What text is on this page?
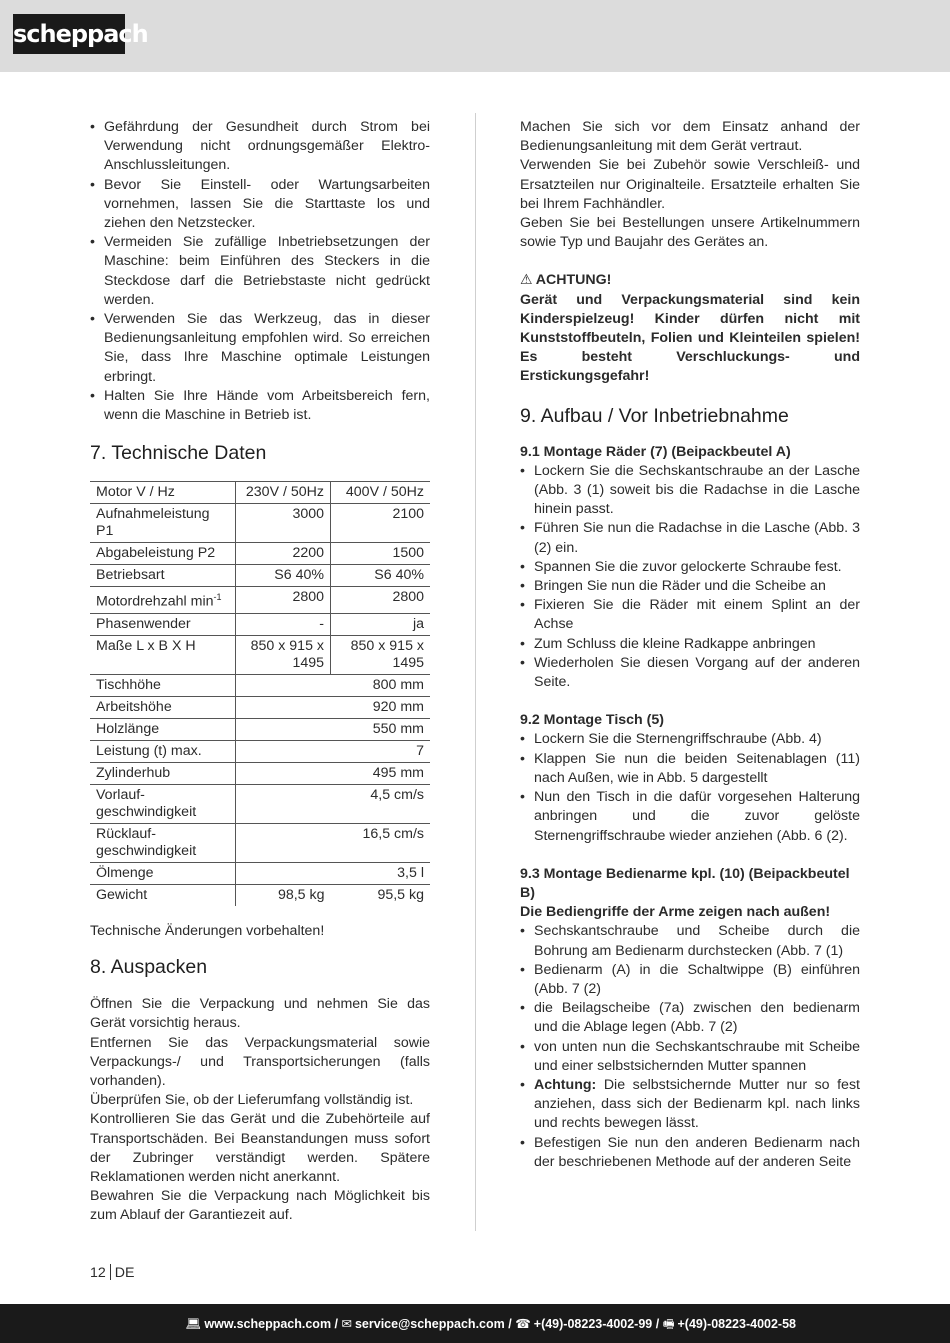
scheppach
• Gefährdung der Gesundheit durch Strom bei Verwendung nicht ordnungsgemäßer Elektro-Anschlussleitungen.
• Bevor Sie Einstell- oder Wartungsarbeiten vornehmen, lassen Sie die Starttaste los und ziehen den Netzstecker.
• Vermeiden Sie zufällige Inbetriebsetzungen der Maschine: beim Einführen des Steckers in die Steckdose darf die Betriebstaste nicht gedrückt werden.
• Verwenden Sie das Werkzeug, das in dieser Bedienungsanleitung empfohlen wird. So erreichen Sie, dass Ihre Maschine optimale Leistungen erbringt.
• Halten Sie Ihre Hände vom Arbeitsbereich fern, wenn die Maschine in Betrieb ist.
7. Technische Daten
Motor V / Hz	230V / 50Hz	400V / 50Hz
Aufnahmeleistung P1	3000	2100
Abgabeleistung P2	2200	1500
Betriebsart	S6 40%	S6 40%
Motordrehzahl $\min^{-1}$	2800	2800
Phasenwender	-	ja
Maße L x B X H	850 x 915 x 1495	850 x 915 x 1495
Tischhöhe	800 mm	
Arbeitshöhe	920 mm	
Holzlänge	550 mm	
Leistung (t) max.	7	
Zylinderhub	495 mm	
Vorlauf-geschwindigkeit	4,5 cm/s	
Rücklauf-geschwindigkeit	16,5 cm/s	
Ölmenge	3,5 l	
Gewicht	98,5 kg	95,5 kg

Technische Änderungen vorbehalten!

8. Auspacken

Öffnen Sie die Verpackung und nehmen Sie das Gerät vorsichtig heraus.

Entfernen Sie das Verpackungsmaterial sowie Verpackungs-/ und Transportsicherungen (falls vorhanden).

Überprüfen Sie, ob der Lieferumfang vollständig ist.

Kontrollieren Sie das Gerät und die Zubehörteile auf Transportschäden. Bei Beanstandungen muss sofort der Zubringer verständigt werden. Spätere Reklamationen werden nicht anerkannt.

Bewahren Sie die Verpackung nach Möglichkeit bis zum Ablauf der Garantiezeit auf.

Machen Sie sich vor dem Einsatz anhand der Bedienungsanleitung mit dem Gerät vertraut.

Verwenden Sie bei Zubehör sowie Verschleiß- und Ersatzteilen nur Originalteile. Ersatzteile erhalten Sie bei Ihrem Fachhändler.

Geben Sie bei Bestellungen unsere Artikelnummern sowie Typ und Baujahr des Gerätes an.

⚠ ACHTUNG!

Gerät und Verpackungsmaterial sind kein Kinderspielzeug! Kinder dürfen nicht mit Kunststoffbeuteln, Folien und Kleinteilen spielen! Es besteht Verschluckungs- und Erstickungsgefahr!

9. Aufbau / Vor Inbetriebnahme
9.1 Montage Räder (7) (Beipackbeutel A)
• Lockern Sie die Sechskantschraube an der Lasche (Abb. 3 (1) soweit bis die Radachse in die Lasche hinein passt.
• Führen Sie nun die Radachse in die Lasche (Abb. 3 (2) ein.
• Spannen Sie die zuvor gelockerte Schraube fest.
• Bringen Sie nun die Räder und die Scheibe an
• Fixieren Sie die Räder mit einem Splint an der Achse
• Zum Schluss die kleine Radkappe anbringen
• Wiederholen Sie diesen Vorgang auf der anderen Seite.
9.2 Montage Tisch (5)
• Lockern Sie die Sternengriffschraube (Abb. 4)
• Klappen Sie nun die beiden Seitenablagen (11) nach Außen, wie in Abb. 5 dargestellt
• Nun den Tisch in die dafür vorgesehen Halterung anbringen und die zuvor gelöste Sternengriffschraube wieder anziehen (Abb. 6 (2).
9.3 Montage Bedienarme kpl. (10) (Beipackbeutel B)

Die Bediengriffe der Arme zeigen nach außen!

• Sechskantschraube und Scheibe durch die Bohrung am Bedienarm durchstecken (Abb. 7 (1)
• Bedienarm (A) in die Schaltwippe (B) einführen (Abb. 7 (2)
• die Beilagscheibe (7a) zwischen den bedienarm und die Ablage legen (Abb. 7 (2)
• von unten nun die Sechskantschraube mit Scheibe und einer selbstsichernden Mutter spannen
• Achtung: Die selbstsichernde Mutter nur so fest anziehen, dass sich der Bedienarm kpl. nach links und rechts bewegen lässt.
• Befestigen Sie nun den anderen Bedienarm nach der beschriebenen Methode auf der anderen Seite
12 DE
💻︎ www.scheppach.com / ✉ service@scheppach.com / ☎ +(49)-08223-4002-99 / 🖷︎ +(49)-08223-4002-58
